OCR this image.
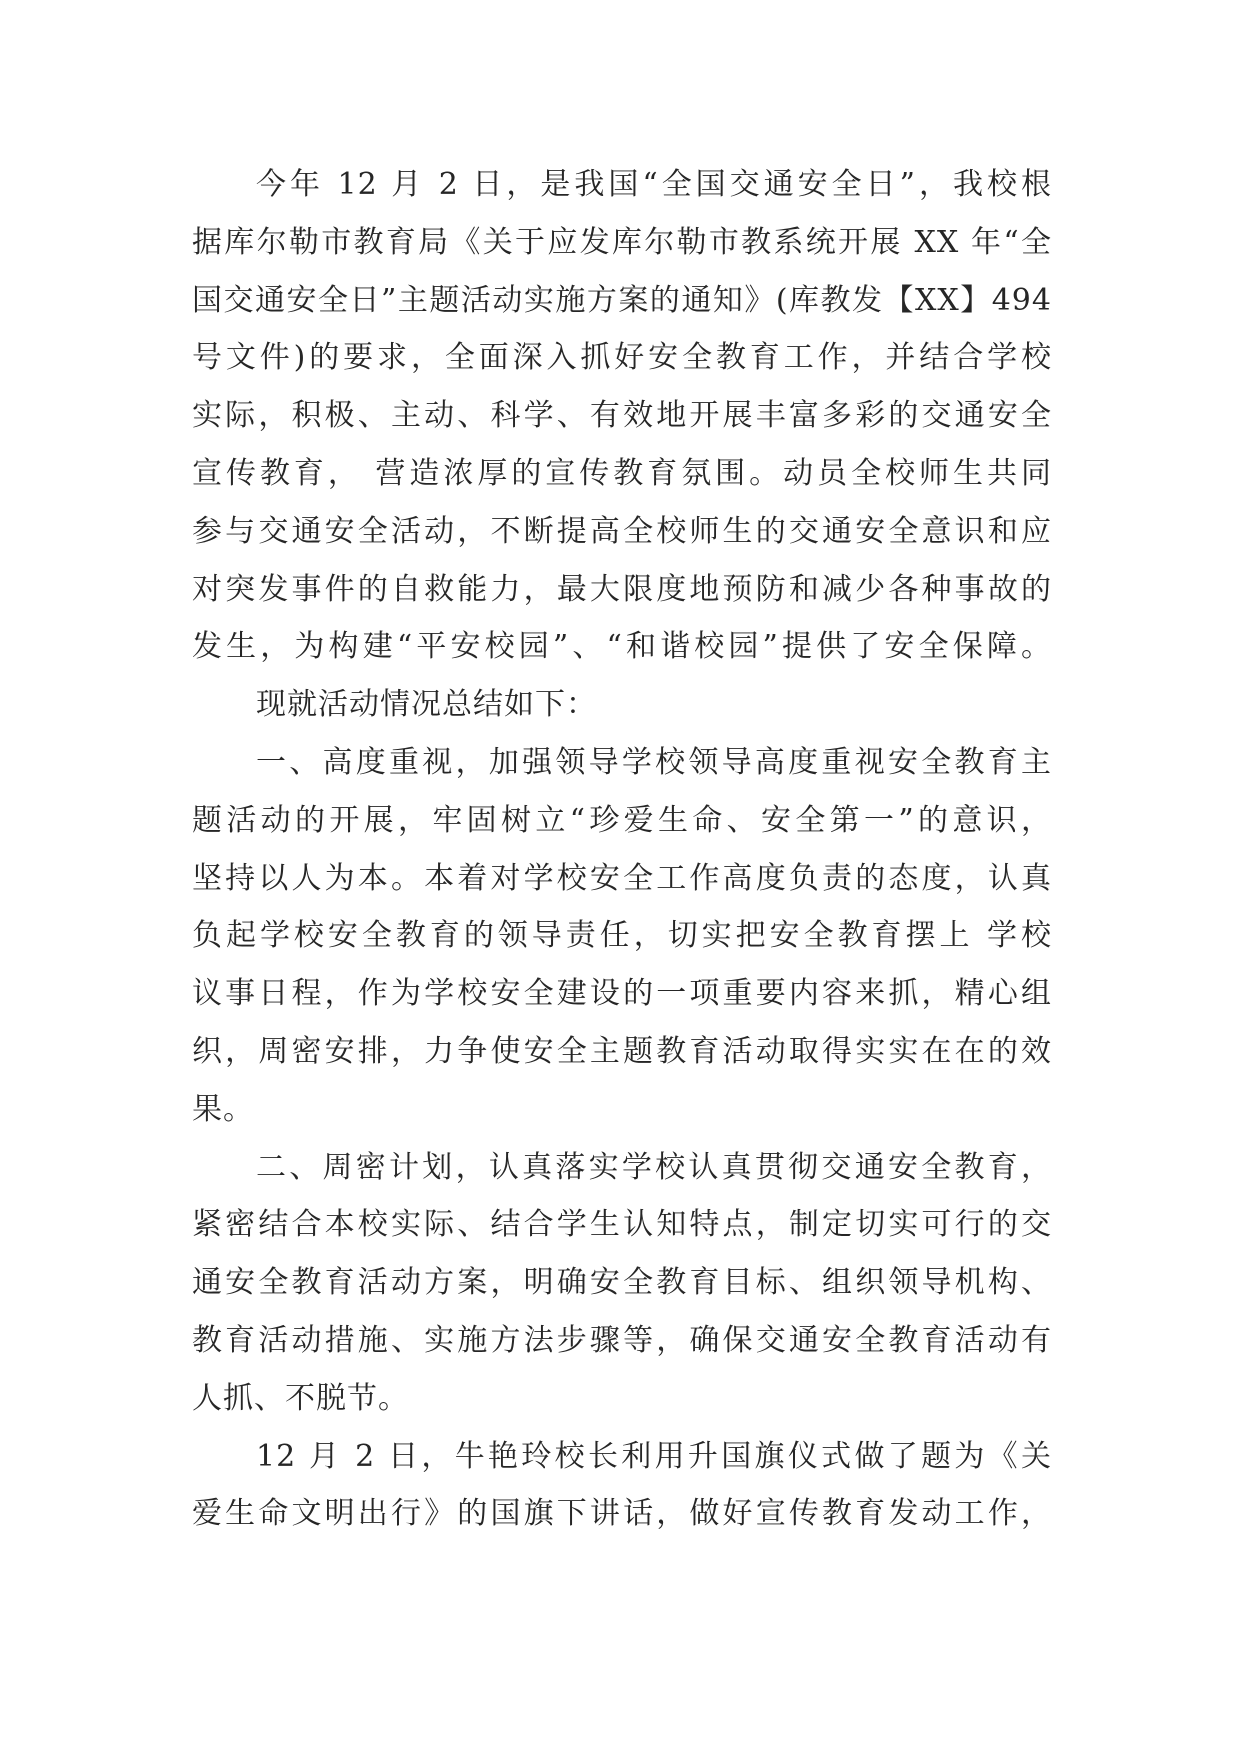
今年 12 月 2 日，是我国“全国交通安全日”，我校根
据库尔勒市教育局《关于应发库尔勒市教系统开展 XX 年“全
国交通安全日”主题活动实施方案的通知》(库教发【XX】494
号文件)的要求，全面深入抓好安全教育工作，并结合学校
实际，积极、主动、科学、有效地开展丰富多彩的交通安全
宣传教育， 营造浓厚的宣传教育氛围。动员全校师生共同
参与交通安全活动，不断提高全校师生的交通安全意识和应
对突发事件的自救能力，最大限度地预防和减少各种事故的
发生，为构建“平安校园”、“和谐校园”提供了安全保障。
现就活动情况总结如下：
一、高度重视，加强领导学校领导高度重视安全教育主
题活动的开展，牢固树立“珍爱生命、安全第一”的意识，
坚持以人为本。本着对学校安全工作高度负责的态度，认真
负起学校安全教育的领导责任，切实把安全教育摆上 学校
议事日程，作为学校安全建设的一项重要内容来抓，精心组
织，周密安排，力争使安全主题教育活动取得实实在在的效
果。
二、周密计划，认真落实学校认真贯彻交通安全教育，
紧密结合本校实际、结合学生认知特点，制定切实可行的交
通安全教育活动方案，明确安全教育目标、组织领导机构、
教育活动措施、实施方法步骤等，确保交通安全教育活动有
人抓、不脱节。
12 月 2 日，牛艳玲校长利用升国旗仪式做了题为《关
爱生命文明出行》的国旗下讲话，做好宣传教育发动工作，
